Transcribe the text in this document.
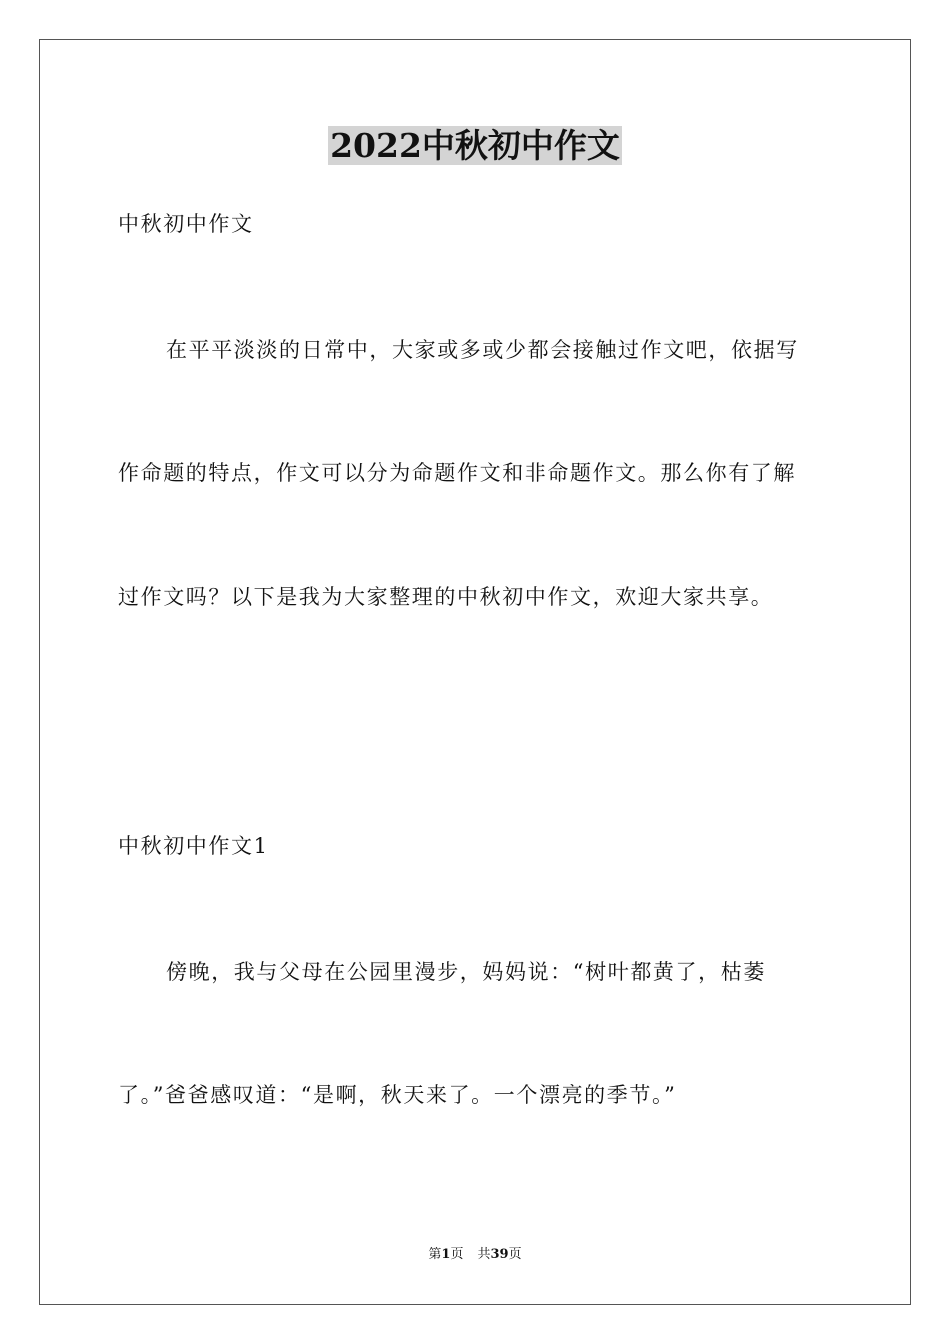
2022中秋初中作文
中秋初中作文
在平平淡淡的日常中，大家或多或少都会接触过作文吧，依据写
作命题的特点，作文可以分为命题作文和非命题作文。那么你有了解
过作文吗？以下是我为大家整理的中秋初中作文，欢迎大家共享。
中秋初中作文1
傍晚，我与父母在公园里漫步，妈妈说：“树叶都黄了，枯萎
了。”爸爸感叹道：“是啊，秋天来了。一个漂亮的季节。”
第1页 共39页
